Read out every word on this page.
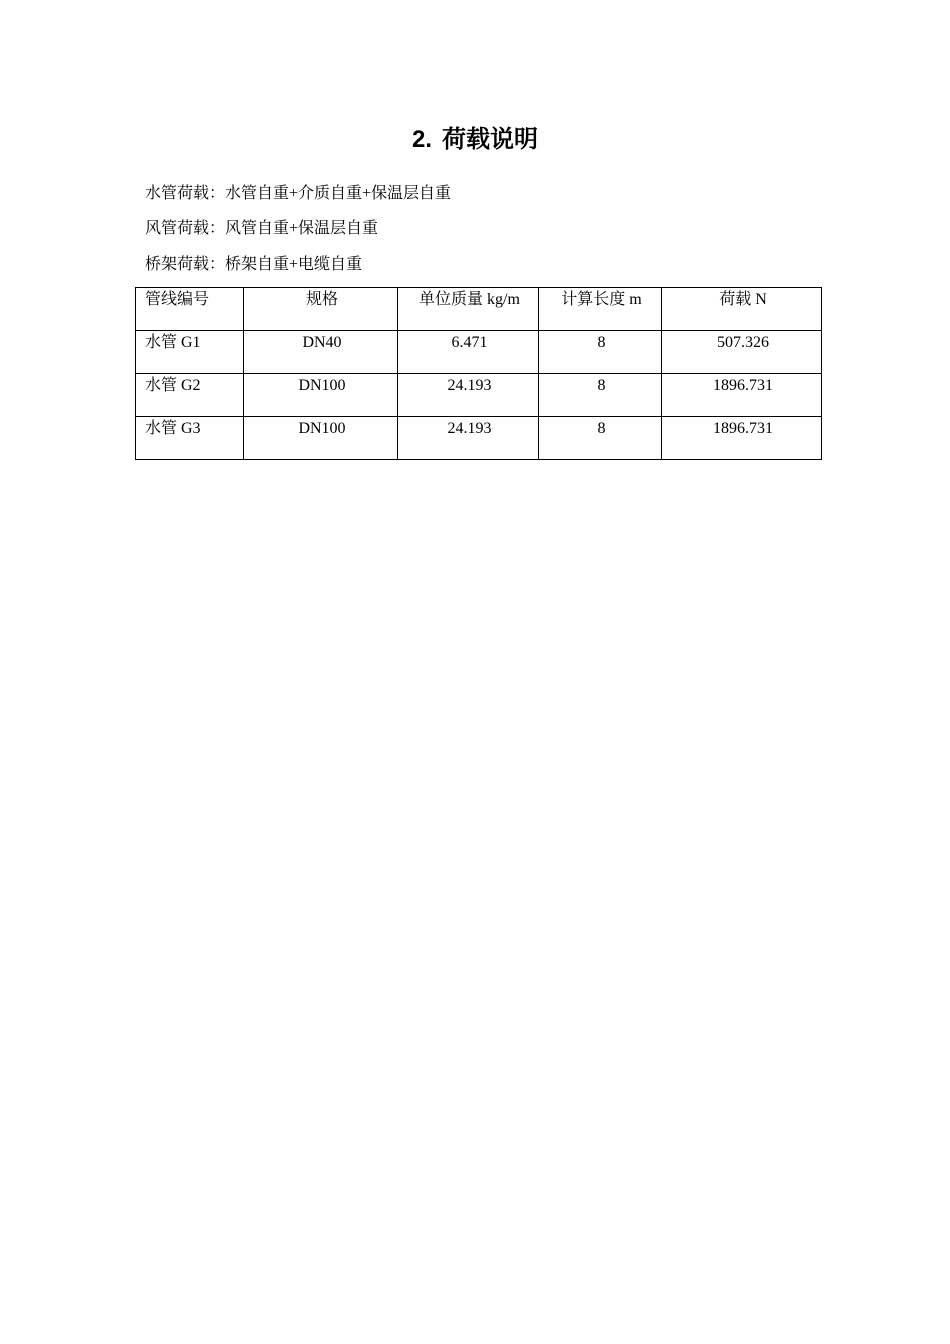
2. 荷载说明
水管荷载：水管自重+介质自重+保温层自重
风管荷载：风管自重+保温层自重
桥架荷载：桥架自重+电缆自重
管线编号	规格	单位质量 kg/m	计算长度 m	荷载 N
水管 G1	DN40	6.471	8	507.326
水管 G2	DN100	24.193	8	1896.731
水管 G3	DN100	24.193	8	1896.731
